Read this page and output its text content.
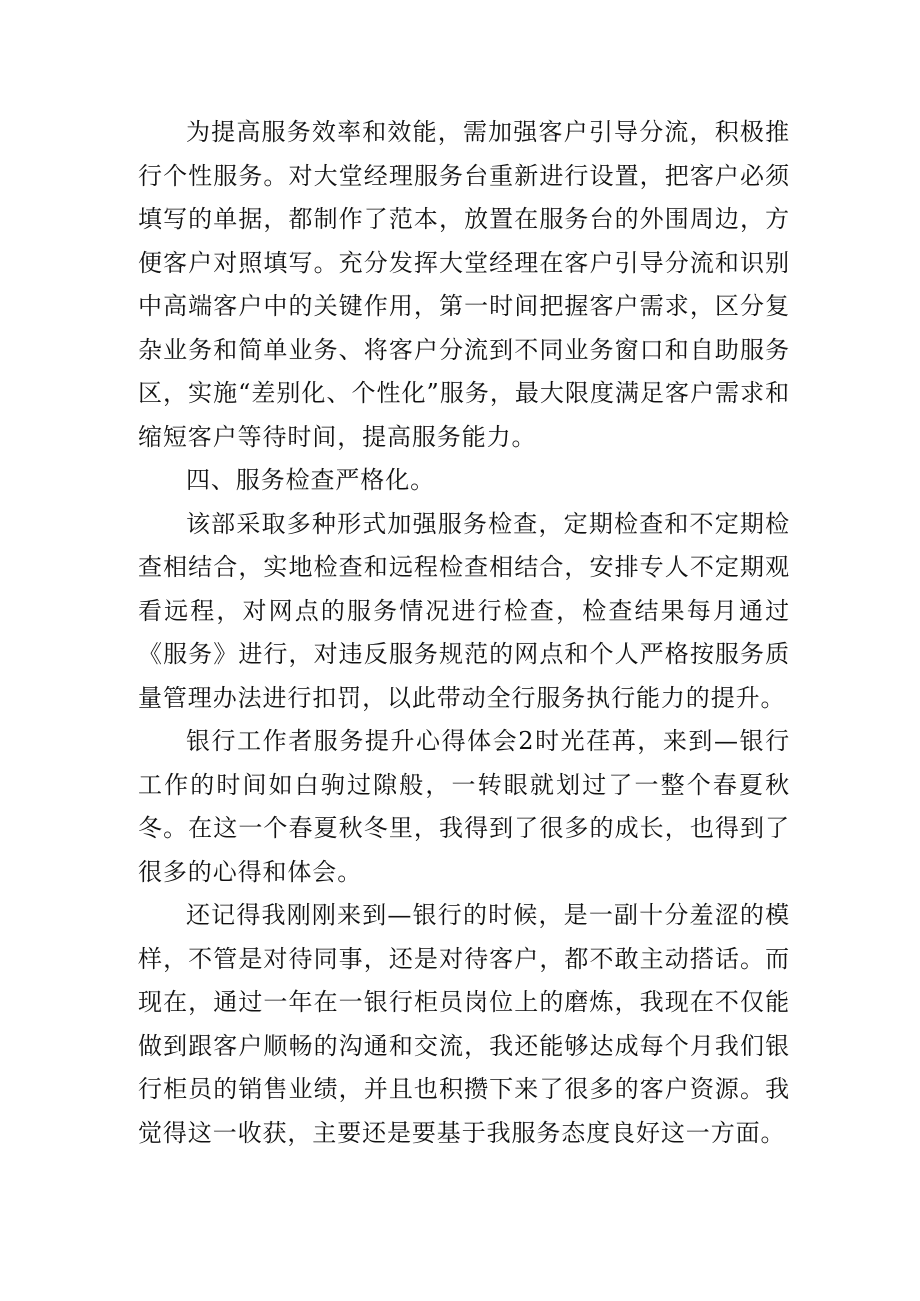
为提高服务效率和效能，需加强客户引导分流，积极推行个性服务。对大堂经理服务台重新进行设置，把客户必须填写的单据，都制作了范本，放置在服务台的外围周边，方便客户对照填写。充分发挥大堂经理在客户引导分流和识别中高端客户中的关键作用，第一时间把握客户需求，区分复杂业务和简单业务、将客户分流到不同业务窗口和自助服务区，实施“差别化、个性化”服务，最大限度满足客户需求和缩短客户等待时间，提高服务能力。

四、服务检查严格化。

该部采取多种形式加强服务检查，定期检查和不定期检查相结合，实地检查和远程检查相结合，安排专人不定期观看远程，对网点的服务情况进行检查，检查结果每月通过《服务》进行，对违反服务规范的网点和个人严格按服务质量管理办法进行扣罚，以此带动全行服务执行能力的提升。

银行工作者服务提升心得体会2时光荏苒，来到—银行工作的时间如白驹过隙般，一转眼就划过了一整个春夏秋冬。在这一个春夏秋冬里，我得到了很多的成长，也得到了很多的心得和体会。

还记得我刚刚来到—银行的时候，是一副十分羞涩的模样，不管是对待同事，还是对待客户，都不敢主动搭话。而现在，通过一年在一银行柜员岗位上的磨炼，我现在不仅能做到跟客户顺畅的沟通和交流，我还能够达成每个月我们银行柜员的销售业绩，并且也积攒下来了很多的客户资源。我觉得这一收获，主要还是要基于我服务态度良好这一方面。
